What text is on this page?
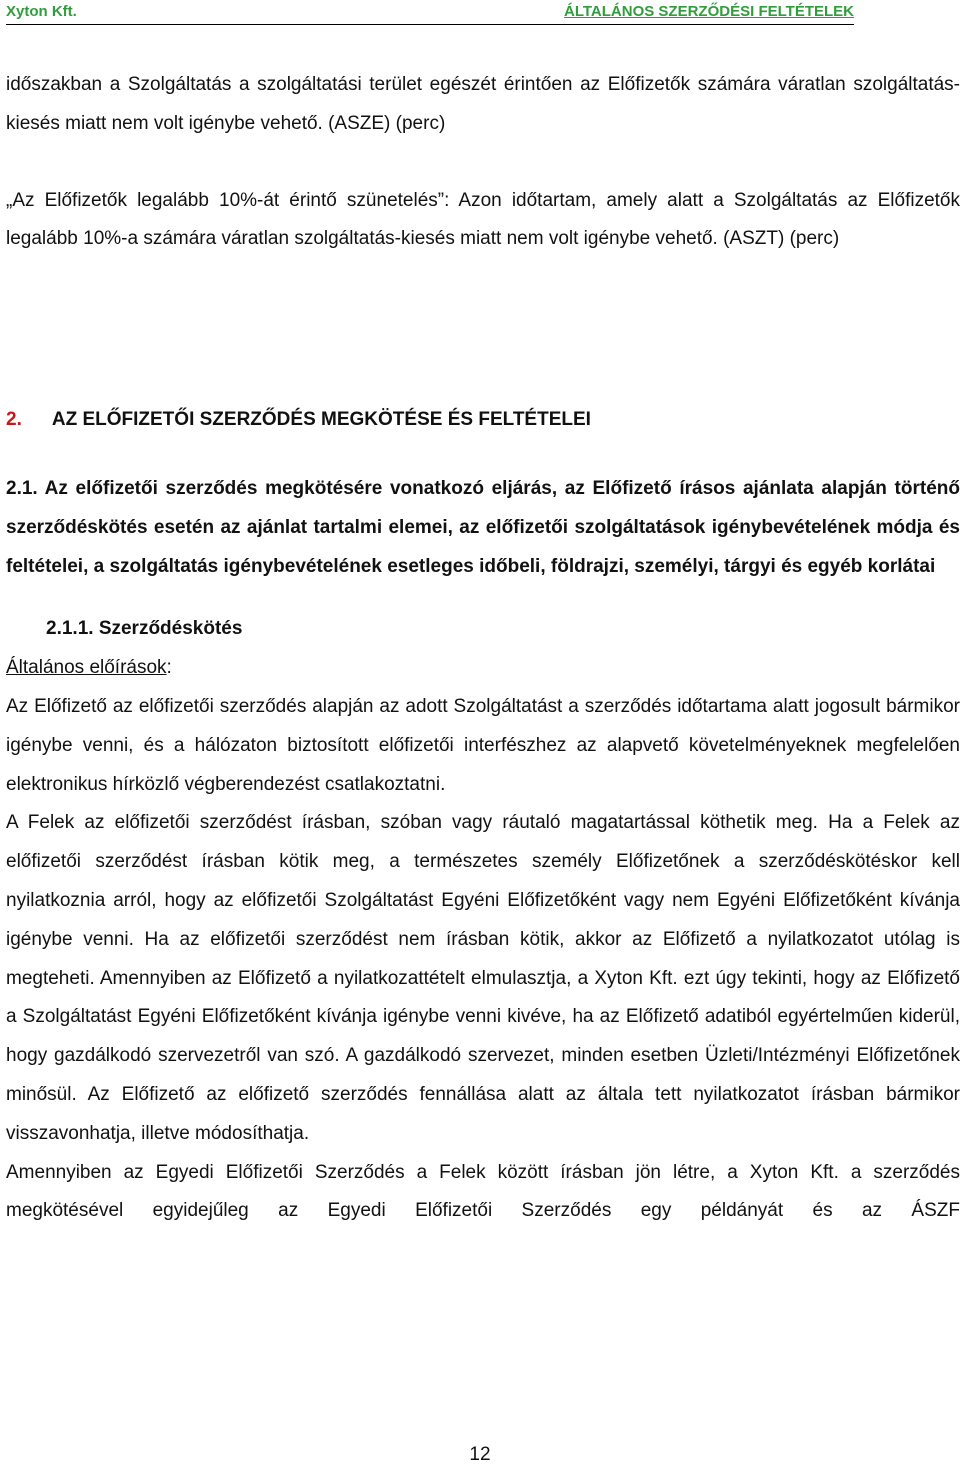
Xyton Kft.	ÁLTALÁNOS SZERZŐDÉSI FELTÉTELEK

időszakban a Szolgáltatás a szolgáltatási terület egészét érintően az Előfizetők számára váratlan szolgáltatás-kiesés miatt nem volt igénybe vehető. (ASZE) (perc)

„Az Előfizetők legalább 10%-át érintő szünetelés”: Azon időtartam, amely alatt a Szolgáltatás az Előfizetők legalább 10%-a számára váratlan szolgáltatás-kiesés miatt nem volt igénybe vehető. (ASZT) (perc)

2. AZ ELŐFIZETŐI SZERZŐDÉS MEGKÖTÉSE ÉS FELTÉTELEI

2.1. Az előfizetői szerződés megkötésére vonatkozó eljárás, az Előfizető írásos ajánlata alapján történő szerződéskötés esetén az ajánlat tartalmi elemei, az előfizetői szolgáltatások igénybevételének módja és feltételei, a szolgáltatás igénybevételének esetleges időbeli, földrajzi, személyi, tárgyi és egyéb korlátai

2.1.1. Szerződéskötés

Általános előírások:

Az Előfizető az előfizetői szerződés alapján az adott Szolgáltatást a szerződés időtartama alatt jogosult bármikor igénybe venni, és a hálózaton biztosított előfizetői interfészhez az alapvető követelményeknek megfelelően elektronikus hírközlő végberendezést csatlakoztatni.

A Felek az előfizetői szerződést írásban, szóban vagy ráutaló magatartással köthetik meg. Ha a Felek az előfizetői szerződést írásban kötik meg, a természetes személy Előfizetőnek a szerződéskötéskor kell nyilatkoznia arról, hogy az előfizetői Szolgáltatást Egyéni Előfizetőként vagy nem Egyéni Előfizetőként kívánja igénybe venni. Ha az előfizetői szerződést nem írásban kötik, akkor az Előfizető a nyilatkozatot utólag is megteheti. Amennyiben az Előfizető a nyilatkozattételt elmulasztja, a Xyton Kft. ezt úgy tekinti, hogy az Előfizető a Szolgáltatást Egyéni Előfizetőként kívánja igénybe venni kivéve, ha az Előfizető adatiból egyértelműen kiderül, hogy gazdálkodó szervezetről van szó. A gazdálkodó szervezet, minden esetben Üzleti/Intézményi Előfizetőnek minősül. Az Előfizető az előfizető szerződés fennállása alatt az általa tett nyilatkozatot írásban bármikor visszavonhatja, illetve módosíthatja.

Amennyiben az Egyedi Előfizetői Szerződés a Felek között írásban jön létre, a Xyton Kft. a szerződés megkötésével egyidejűleg az Egyedi Előfizetői Szerződés egy példányát és az ÁSZF

12
